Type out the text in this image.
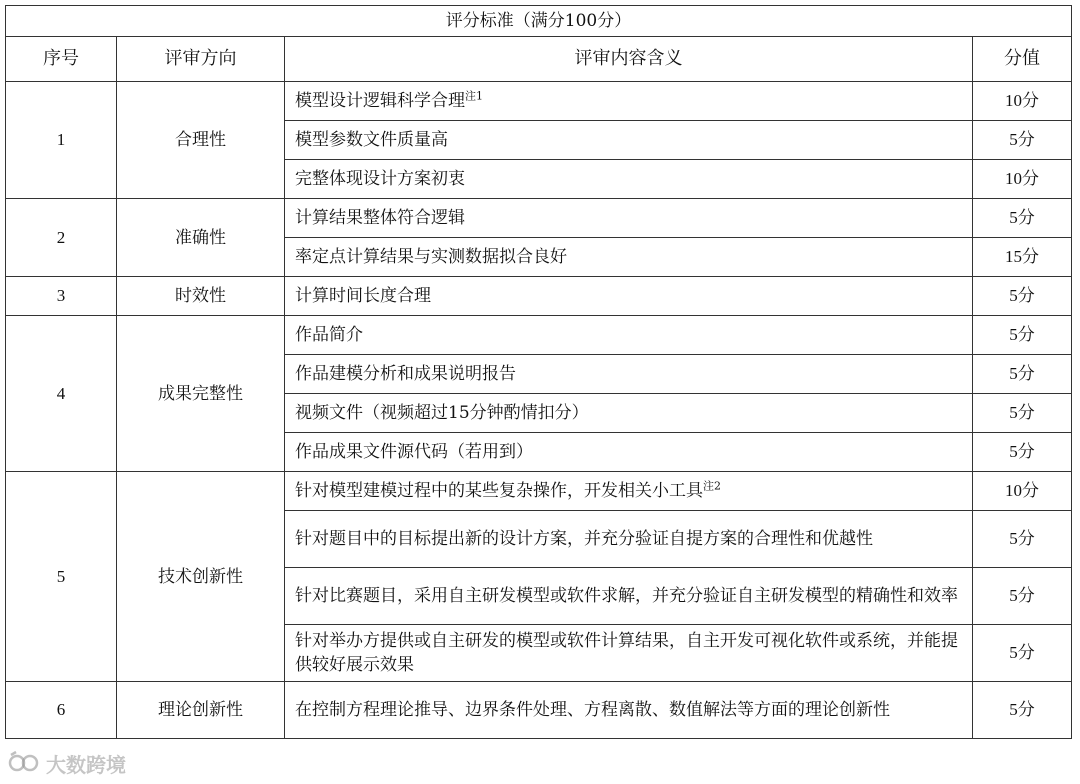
评分标准（满分100分）			
序号	评审方向	评审内容含义	分值
1	合理性	模型设计逻辑科学合理$^{注1}$	10分
		模型参数文件质量高	5分
		完整体现设计方案初衷	10分
2	准确性	计算结果整体符合逻辑	5分
		率定点计算结果与实测数据拟合良好	15分
3	时效性	计算时间长度合理	5分
4	成果完整性	作品简介	5分
		作品建模分析和成果说明报告	5分
		视频文件（视频超过15分钟酌情扣分）	5分
		作品成果文件源代码（若用到）	5分
5	技术创新性	针对模型建模过程中的某些复杂操作，开发相关小工具$^{注2}$	10分
		针对题目中的目标提出新的设计方案，并充分验证自提方案的合理性和优越性	5分
		针对比赛题目，采用自主研发模型或软件求解，并充分验证自主研发模型的精确性和效率	5分
		针对举办方提供或自主研发的模型或软件计算结果，自主开发可视化软件或系统，并能提供较好展示效果	5分
6	理论创新性	在控制方程理论推导、边界条件处理、方程离散、数值解法等方面的理论创新性	5分
大数跨境
